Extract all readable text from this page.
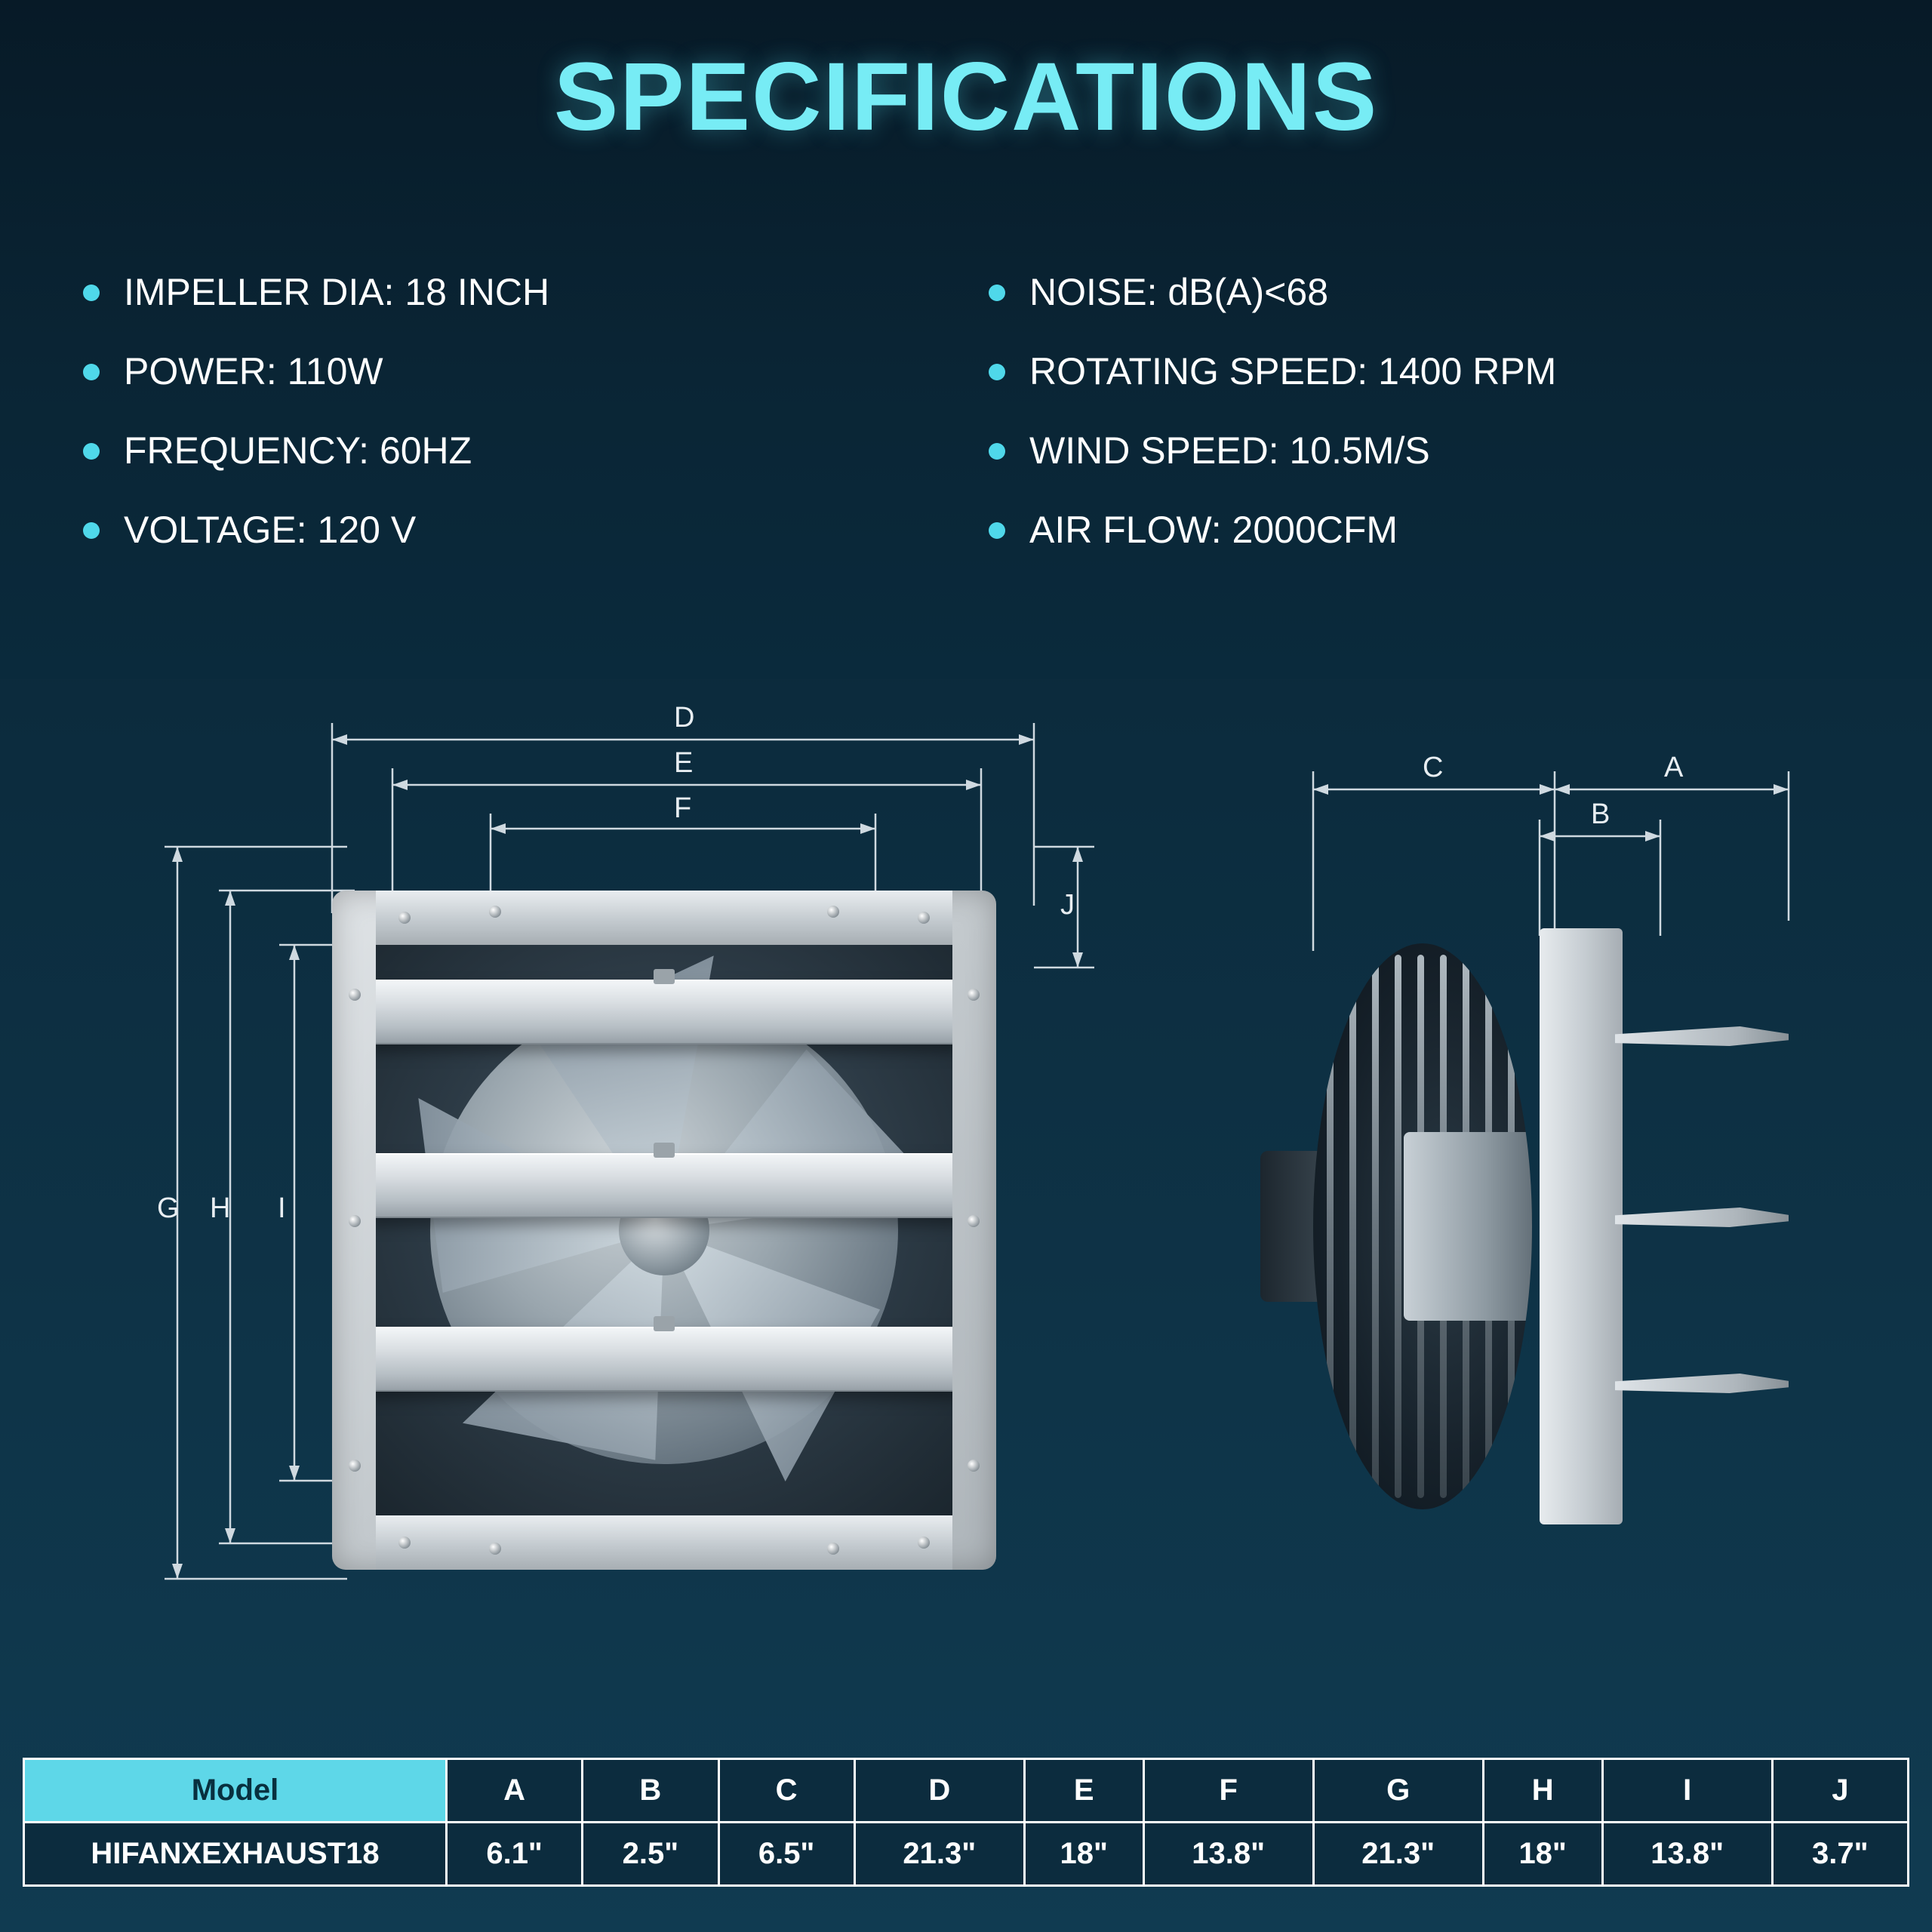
SPECIFICATIONS
IMPELLER DIA: 18 INCH
POWER: 110W
FREQUENCY: 60HZ
VOLTAGE: 120 V
NOISE: dB(A)<68
ROTATING SPEED: 1400 RPM
WIND SPEED: 10.5M/S
AIR FLOW: 2000CFM
D
E
F
J
G H I
C	A
B
Model	A	B	C	D	E	F	G	H	I	J
HIFANXEXHAUST18	6.1"	2.5"	6.5"	21.3"	18"	13.8"	21.3"	18"	13.8"	3.7"
